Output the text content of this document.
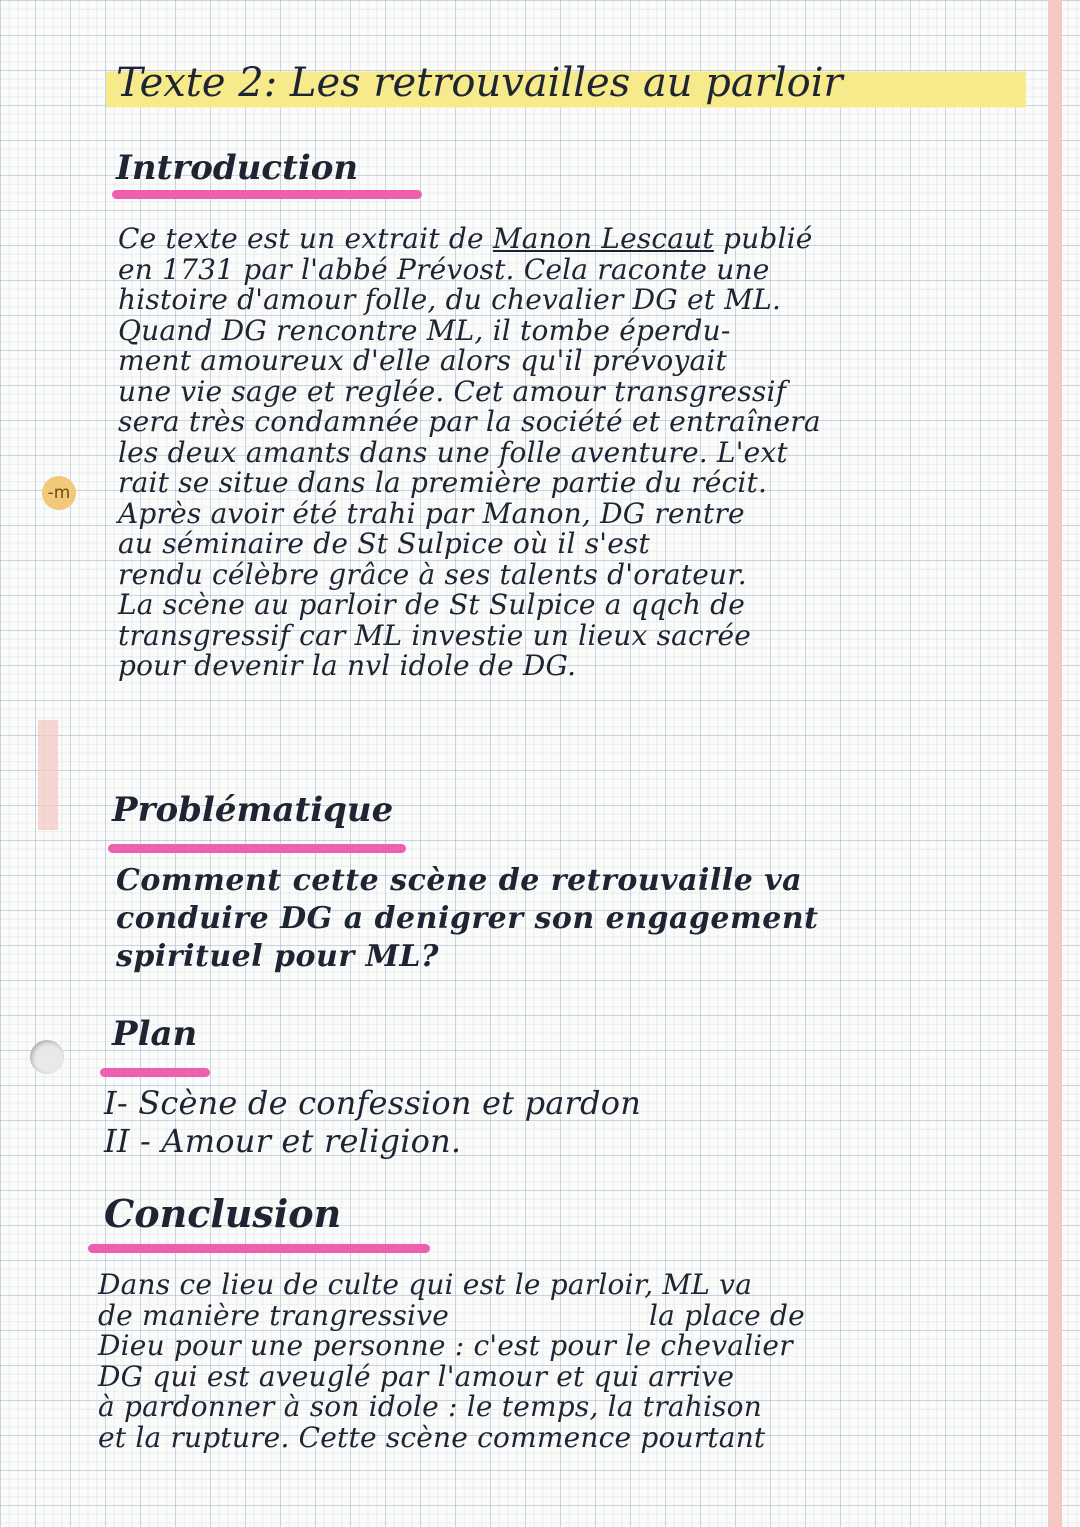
-m
Texte 2: Les retrouvailles au parloir
Introduction
Ce texte est un extrait de Manon Lescaut publié
en 1731 par l'abbé Prévost. Cela raconte une
histoire d'amour folle, du chevalier DG et ML.
Quand DG rencontre ML, il tombe éperdu-
ment amoureux d'elle alors qu'il prévoyait
une vie sage et reglée. Cet amour transgressif
sera très condamnée par la société et entraînera
les deux amants dans une folle aventure. L'ext
rait se situe dans la première partie du récit.
Après avoir été trahi par Manon, DG rentre
au séminaire de St Sulpice où il s'est
rendu célèbre grâce à ses talents d'orateur.
La scène au parloir de St Sulpice a qqch de
transgressif car ML investie un lieux sacrée
pour devenir la nvl idole de DG.
Problématique
Comment cette scène de retrouvaille va
conduire DG a denigrer son engagement
spirituel pour ML?
Plan
I- Scène de confession et pardon
II - Amour et religion.
Conclusion
Dans ce lieu de culte qui est le parloir, ML va
de manière trangressive	la place de
Dieu pour une personne : c'est pour le chevalier
DG qui est aveuglé par l'amour et qui arrive
à pardonner à son idole : le temps, la trahison
et la rupture. Cette scène commence pourtant
